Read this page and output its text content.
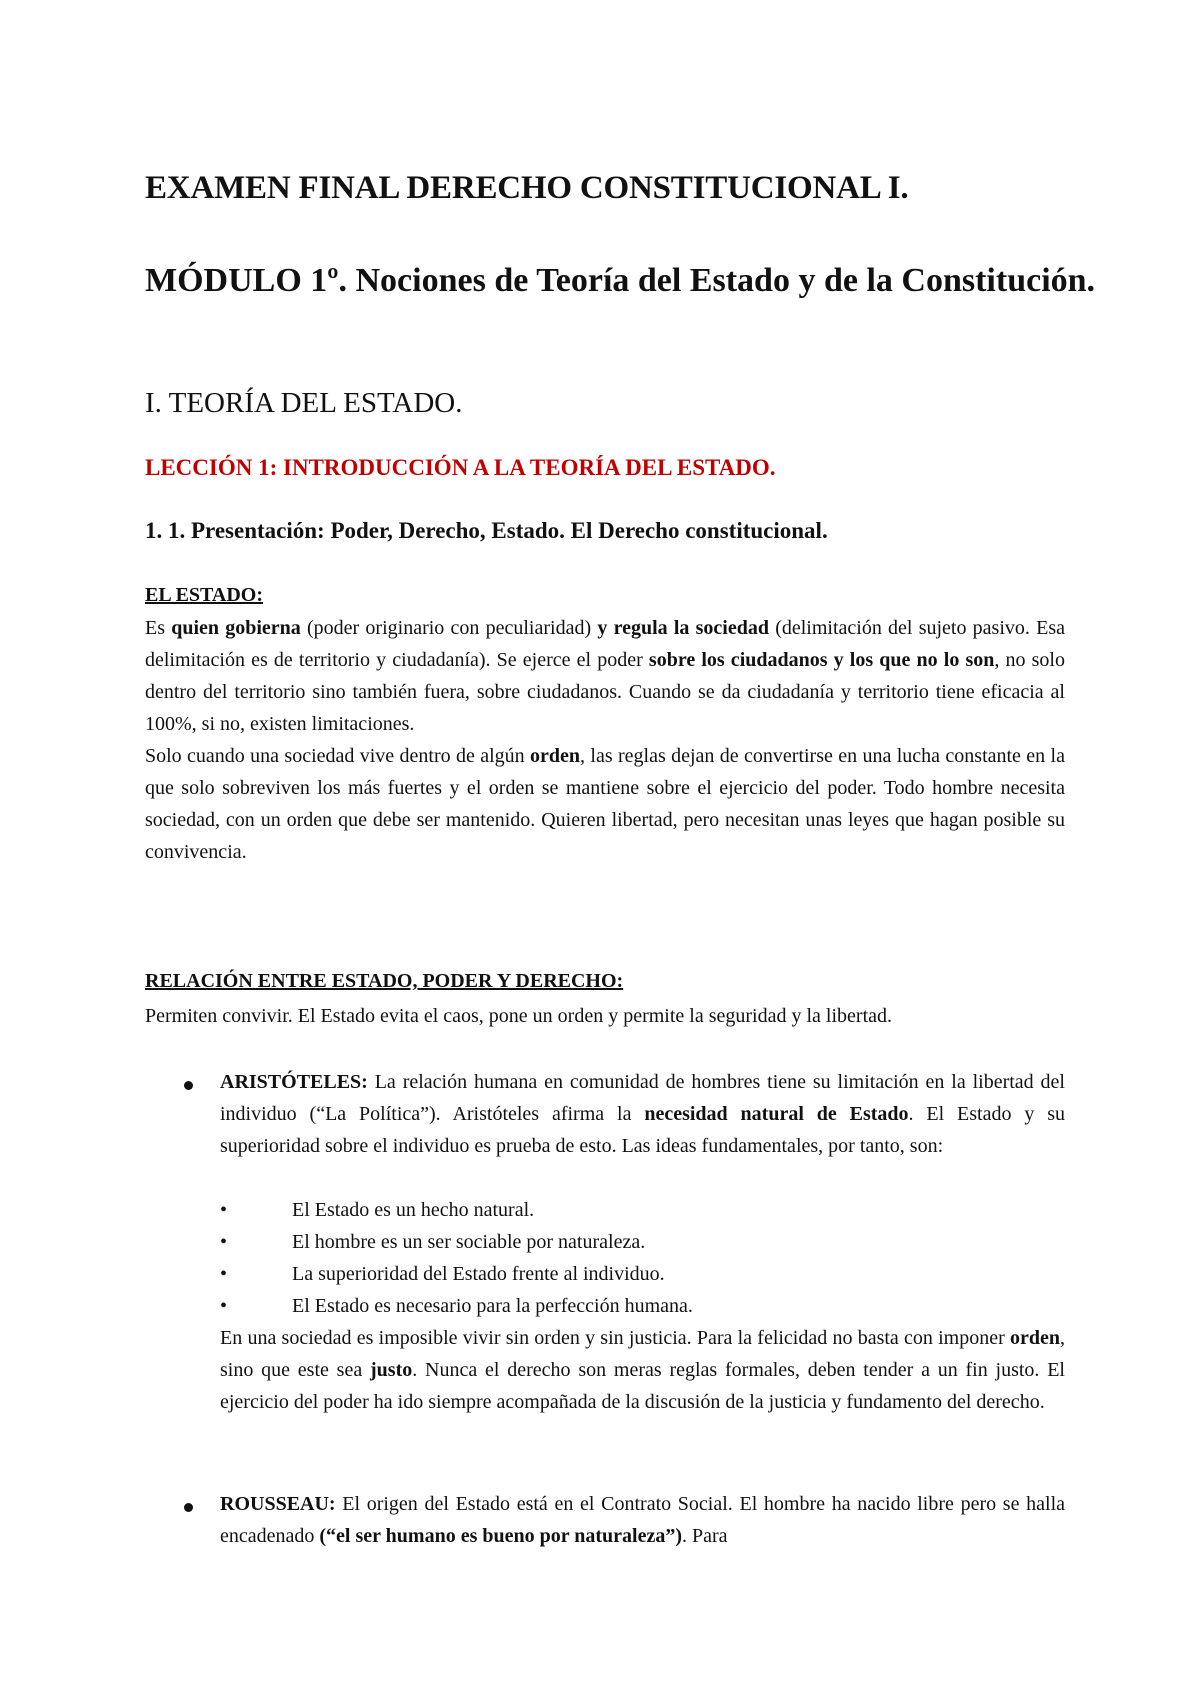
EXAMEN FINAL DERECHO CONSTITUCIONAL I.
MÓDULO 1º. Nociones de Teoría del Estado y de la Constitución.
I. TEORÍA DEL ESTADO.
LECCIÓN 1: INTRODUCCIÓN A LA TEORÍA DEL ESTADO.
1. 1. Presentación: Poder, Derecho, Estado. El Derecho constitucional.
EL ESTADO:

Es quien gobierna (poder originario con peculiaridad) y regula la sociedad (delimitación del sujeto pasivo. Esa delimitación es de territorio y ciudadanía). Se ejerce el poder sobre los ciudadanos y los que no lo son, no solo dentro del territorio sino también fuera, sobre ciudadanos. Cuando se da ciudadanía y territorio tiene eficacia al 100%, si no, existen limitaciones.

Solo cuando una sociedad vive dentro de algún orden, las reglas dejan de convertirse en una lucha constante en la que solo sobreviven los más fuertes y el orden se mantiene sobre el ejercicio del poder. Todo hombre necesita sociedad, con un orden que debe ser mantenido. Quieren libertad, pero necesitan unas leyes que hagan posible su convivencia.

RELACIÓN ENTRE ESTADO, PODER Y DERECHO:

Permiten convivir. El Estado evita el caos, pone un orden y permite la seguridad y la libertad.

ARISTÓTELES: La relación humana en comunidad de hombres tiene su limitación en la libertad del individuo (“La Política”). Aristóteles afirma la necesidad natural de Estado. El Estado y su superioridad sobre el individuo es prueba de esto. Las ideas fundamentales, por tanto, son:

•	El Estado es un hecho natural.
•	El hombre es un ser sociable por naturaleza.
•	La superioridad del Estado frente al individuo.
•	El Estado es necesario para la perfección humana.

En una sociedad es imposible vivir sin orden y sin justicia. Para la felicidad no basta con imponer orden, sino que este sea justo. Nunca el derecho son meras reglas formales, deben tender a un fin justo. El ejercicio del poder ha ido siempre acompañada de la discusión de la justicia y fundamento del derecho.

ROUSSEAU: El origen del Estado está en el Contrato Social. El hombre ha nacido libre pero se halla encadenado (“el ser humano es bueno por naturaleza”). Para
